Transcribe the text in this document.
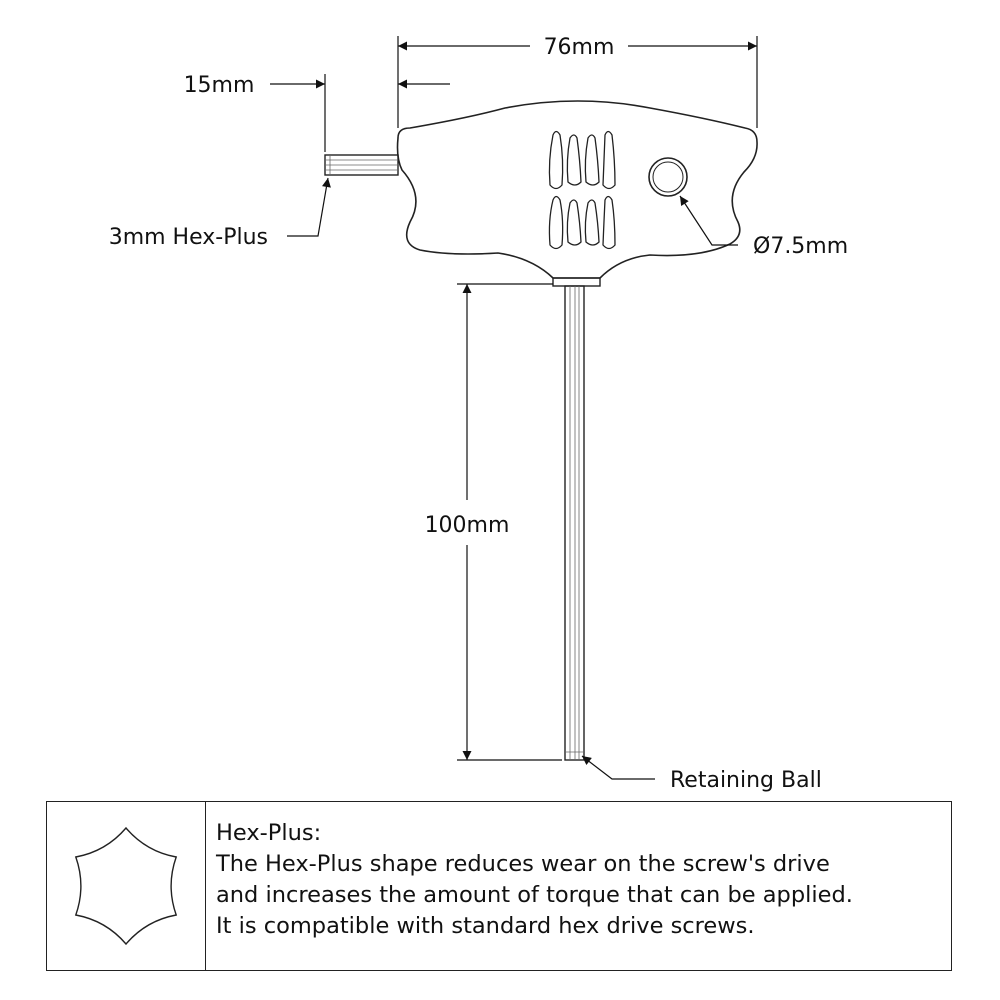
76mm
15mm
100mm
3mm Hex-Plus	Ø7.5mm
Retaining Ball
Hex-Plus:
The Hex-Plus shape reduces wear on the screw's drive
and increases the amount of torque that can be applied.
It is compatible with standard hex drive screws.
